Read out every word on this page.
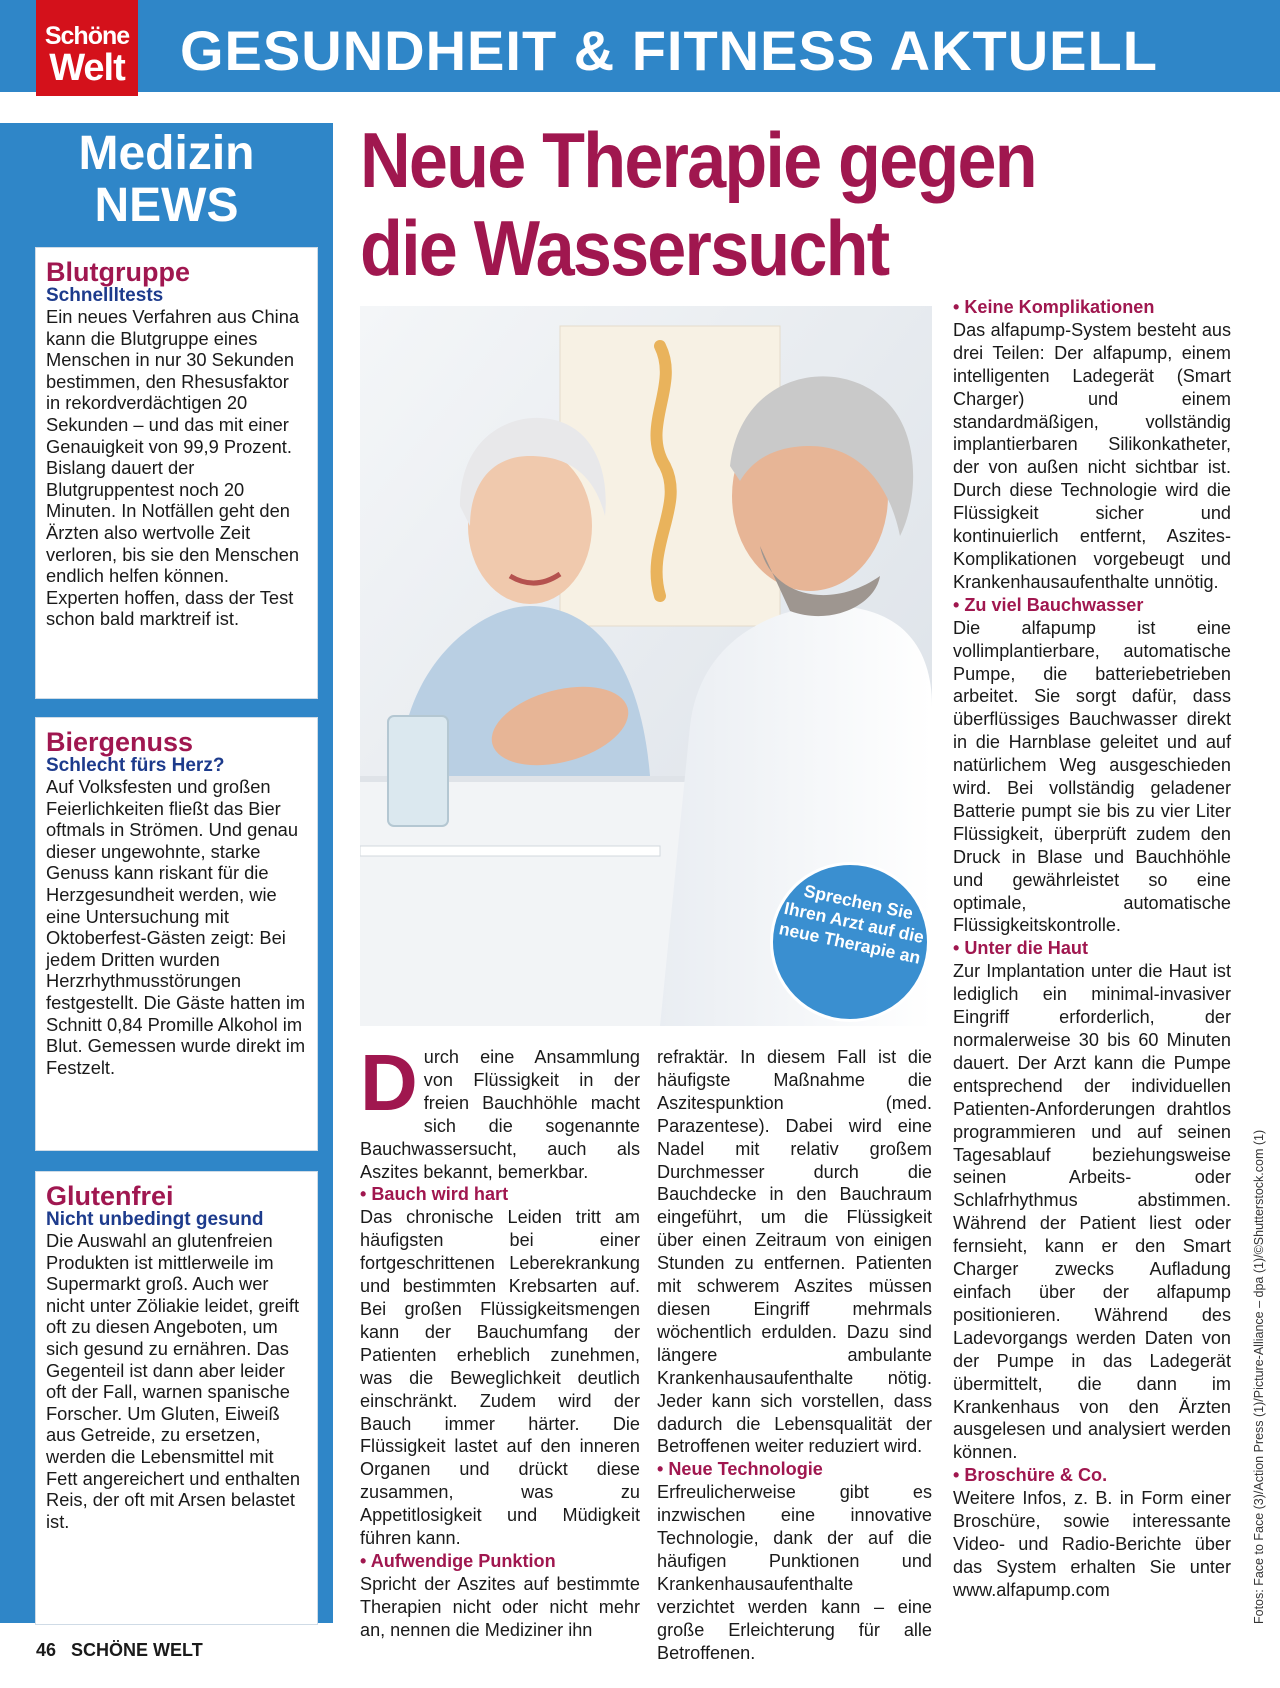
Schöne
Welt GESUNDHEIT & FITNESS AKTUELL
Medizin
NEWS
Blutgruppe
Schnellltests

Ein neues Verfahren aus China kann die Blutgruppe eines Menschen in nur 30 Sekunden bestimmen, den Rhesusfaktor in rekordverdächtigen 20 Sekunden – und das mit einer Genauigkeit von 99,9 Prozent. Bislang dauert der Blutgruppentest noch 20 Minuten. In Notfällen geht den Ärzten also wertvolle Zeit verloren, bis sie den Menschen endlich helfen können. Experten hoffen, dass der Test schon bald marktreif ist.

Biergenuss
Schlecht fürs Herz?

Auf Volksfesten und großen Feierlichkeiten fließt das Bier oftmals in Strömen. Und genau dieser ungewohnte, starke Genuss kann riskant für die Herzgesundheit werden, wie eine Untersuchung mit Oktoberfest-Gästen zeigt: Bei jedem Dritten wurden Herzrhythmusstörungen festgestellt. Die Gäste hatten im Schnitt 0,84 Promille Alkohol im Blut. Gemessen wurde direkt im Festzelt.

Glutenfrei
Nicht unbedingt gesund

Die Auswahl an glutenfreien Produkten ist mittlerweile im Supermarkt groß. Auch wer nicht unter Zöliakie leidet, greift oft zu diesen Angeboten, um sich gesund zu ernähren. Das Gegenteil ist dann aber leider oft der Fall, warnen spanische Forscher. Um Gluten, Eiweiß aus Getreide, zu ersetzen, werden die Lebensmittel mit Fett angereichert und enthalten Reis, der oft mit Arsen belastet ist.

Neue Therapie gegen
die Wassersucht
Sprechen Sie Ihren Arzt auf die neue Therapie an
D urch eine Ansammlung von Flüssigkeit in der freien Bauchhöhle macht sich die sogenannte Bauchwassersucht, auch als Aszites bekannt, bemerkbar.

• Bauch wird hart

Das chronische Leiden tritt am häufigsten bei einer fortgeschrittenen Leberekrankung und bestimmten Krebsarten auf. Bei großen Flüssigkeitsmengen kann der Bauchumfang der Patienten erheblich zunehmen, was die Beweglichkeit deutlich einschränkt. Zudem wird der Bauch immer härter. Die Flüssigkeit lastet auf den inneren Organen und drückt diese zusammen, was zu Appetitlosigkeit und Müdigkeit führen kann.

• Aufwendige Punktion

Spricht der Aszites auf bestimmte Therapien nicht oder nicht mehr an, nennen die Mediziner ihn

refraktär. In diesem Fall ist die häufigste Maßnahme die Aszitespunktion (med. Parazentese). Dabei wird eine Nadel mit relativ großem Durchmesser durch die Bauchdecke in den Bauchraum eingeführt, um die Flüssigkeit über einen Zeitraum von einigen Stunden zu entfernen. Patienten mit schwerem Aszites müssen diesen Eingriff mehrmals wöchentlich erdulden. Dazu sind längere ambulante Krankenhausaufenthalte nötig. Jeder kann sich vorstellen, dass dadurch die Lebensqualität der Betroffenen weiter reduziert wird.

• Neue Technologie

Erfreulicherweise gibt es inzwischen eine innovative Technologie, dank der auf die häufigen Punktionen und Krankenhausaufenthalte verzichtet werden kann – eine große Erleichterung für alle Betroffenen.

• Keine Komplikationen

Das alfapump-System besteht aus drei Teilen: Der alfapump, einem intelligenten Ladegerät (Smart Charger) und einem standardmäßigen, vollständig implantierbaren Silikonkatheter, der von außen nicht sichtbar ist. Durch diese Technologie wird die Flüssigkeit sicher und kontinuierlich entfernt, Aszites-Komplikationen vorgebeugt und Krankenhausaufenthalte unnötig.

• Zu viel Bauchwasser

Die alfapump ist eine vollimplantierbare, automatische Pumpe, die batteriebetrieben arbeitet. Sie sorgt dafür, dass überflüssiges Bauchwasser direkt in die Harnblase geleitet und auf natürlichem Weg ausgeschieden wird. Bei vollständig geladener Batterie pumpt sie bis zu vier Liter Flüssigkeit, überprüft zudem den Druck in Blase und Bauchhöhle und gewährleistet so eine optimale, automatische Flüssigkeitskontrolle.

• Unter die Haut

Zur Implantation unter die Haut ist lediglich ein minimal-invasiver Eingriff erforderlich, der normalerweise 30 bis 60 Minuten dauert. Der Arzt kann die Pumpe entsprechend der individuellen Patienten-Anforderungen drahtlos programmieren und auf seinen Tagesablauf beziehungsweise seinen Arbeits- oder Schlafrhythmus abstimmen. Während der Patient liest oder fernsieht, kann er den Smart Charger zwecks Aufladung einfach über der alfapump positionieren. Während des Ladevorgangs werden Daten von der Pumpe in das Ladegerät übermittelt, die dann im Krankenhaus von den Ärzten ausgelesen und analysiert werden können.

• Broschüre & Co.

Weitere Infos, z. B. in Form einer Broschüre, sowie interessante Video- und Radio-Berichte über das System erhalten Sie unter www.alfapump.com	Fotos: Face to Face (3)/Action Press (1)/Picture-Alliance – dpa (1)/©Shutterstock.com (1)
46 SCHÖNE WELT
